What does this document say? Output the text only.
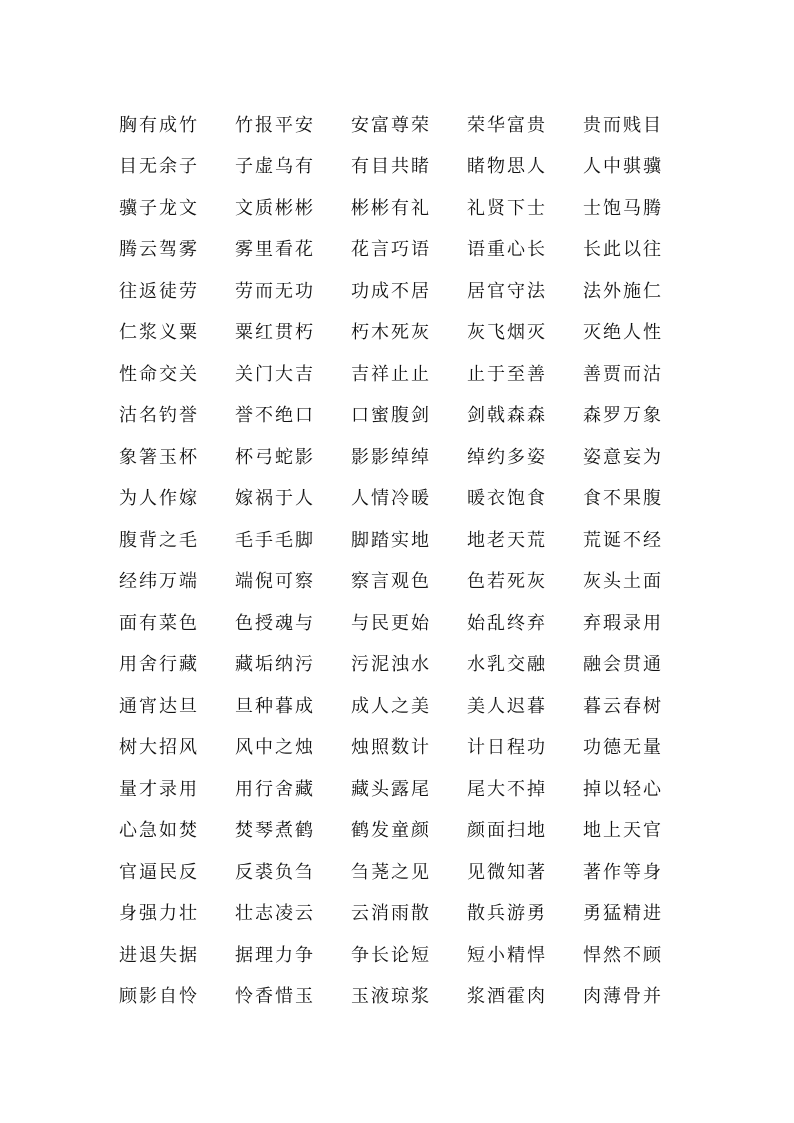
胸有成竹	竹报平安	安富尊荣	荣华富贵	贵而贱目
目无余子	子虚乌有	有目共睹	睹物思人	人中骐骥
骥子龙文	文质彬彬	彬彬有礼	礼贤下士	士饱马腾
腾云驾雾	雾里看花	花言巧语	语重心长	长此以往
往返徒劳	劳而无功	功成不居	居官守法	法外施仁
仁浆义粟	粟红贯朽	朽木死灰	灰飞烟灭	灭绝人性
性命交关	关门大吉	吉祥止止	止于至善	善贾而沽
沽名钓誉	誉不绝口	口蜜腹剑	剑戟森森	森罗万象
象箸玉杯	杯弓蛇影	影影绰绰	绰约多姿	姿意妄为
为人作嫁	嫁祸于人	人情冷暖	暖衣饱食	食不果腹
腹背之毛	毛手毛脚	脚踏实地	地老天荒	荒诞不经
经纬万端	端倪可察	察言观色	色若死灰	灰头土面
面有菜色	色授魂与	与民更始	始乱终弃	弃瑕录用
用舍行藏	藏垢纳污	污泥浊水	水乳交融	融会贯通
通宵达旦	旦种暮成	成人之美	美人迟暮	暮云春树
树大招风	风中之烛	烛照数计	计日程功	功德无量
量才录用	用行舍藏	藏头露尾	尾大不掉	掉以轻心
心急如焚	焚琴煮鹤	鹤发童颜	颜面扫地	地上天官
官逼民反	反裘负刍	刍荛之见	见微知著	著作等身
身强力壮	壮志凌云	云消雨散	散兵游勇	勇猛精进
进退失据	据理力争	争长论短	短小精悍	悍然不顾
顾影自怜	怜香惜玉	玉液琼浆	浆酒霍肉	肉薄骨并
